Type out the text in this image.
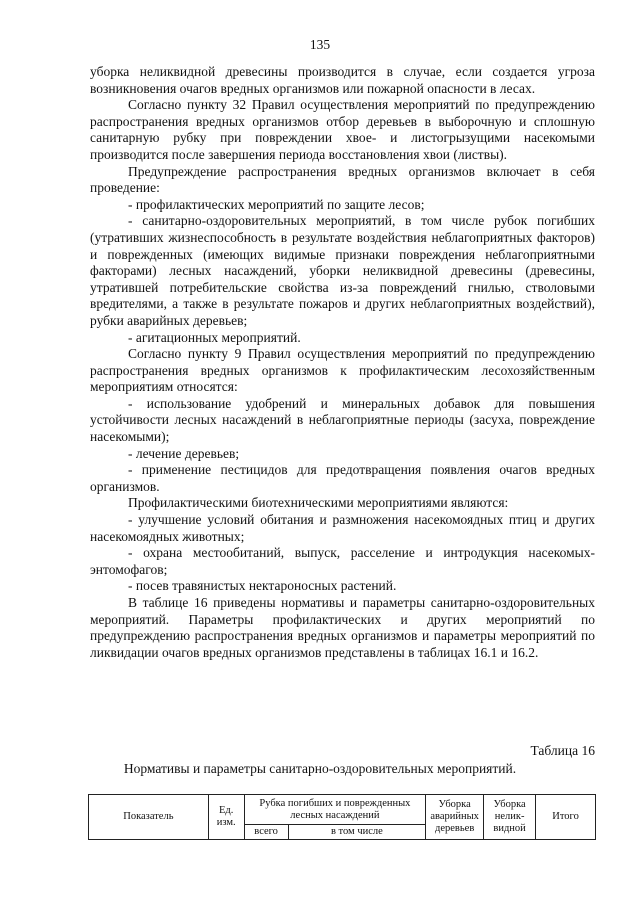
135

уборка неликвидной древесины производится в случае, если создается угроза возникновения очагов вредных организмов или пожарной опасности в лесах.

Согласно пункту 32 Правил осуществления мероприятий по предупреждению распространения вредных организмов отбор деревьев в выборочную и сплошную санитарную рубку при повреждении хвое- и листогрызущими насекомыми производится после завершения периода восстановления хвои (листвы).

Предупреждение распространения вредных организмов включает в себя проведение:

- профилактических мероприятий по защите лесов;

- санитарно-оздоровительных мероприятий, в том числе рубок погибших (утративших жизнеспособность в результате воздействия неблагоприятных факторов) и поврежденных (имеющих видимые признаки повреждения неблагоприятными факторами) лесных насаждений, уборки неликвидной древесины (древесины, утратившей потребительские свойства из-за повреждений гнилью, стволовыми вредителями, а также в результате пожаров и других неблагоприятных воздействий), рубки аварийных деревьев;

- агитационных мероприятий.

Согласно пункту 9 Правил осуществления мероприятий по предупреждению распространения вредных организмов к профилактическим лесохозяйственным мероприятиям относятся:

- использование удобрений и минеральных добавок для повышения устойчивости лесных насаждений в неблагоприятные периоды (засуха, повреждение насекомыми);

- лечение деревьев;

- применение пестицидов для предотвращения появления очагов вредных организмов.

Профилактическими биотехническими мероприятиями являются:

- улучшение условий обитания и размножения насекомоядных птиц и других насекомоядных животных;

- охрана местообитаний, выпуск, расселение и интродукция насекомых-энтомофагов;

- посев травянистых нектароносных растений.

В таблице 16 приведены нормативы и параметры санитарно-оздоровительных мероприятий. Параметры профилактических и других мероприятий по предупреждению распространения вредных организмов и параметры мероприятий по ликвидации очагов вредных организмов представлены в таблицах 16.1 и 16.2.

Таблица 16
Нормативы и параметры санитарно-оздоровительных мероприятий.
Показатель	Ед. изм.	Рубка погибших и поврежденных лесных насаждений		Уборка аварийных деревьев	Уборка нелик-видной	Итого
		всего	в том числе			
